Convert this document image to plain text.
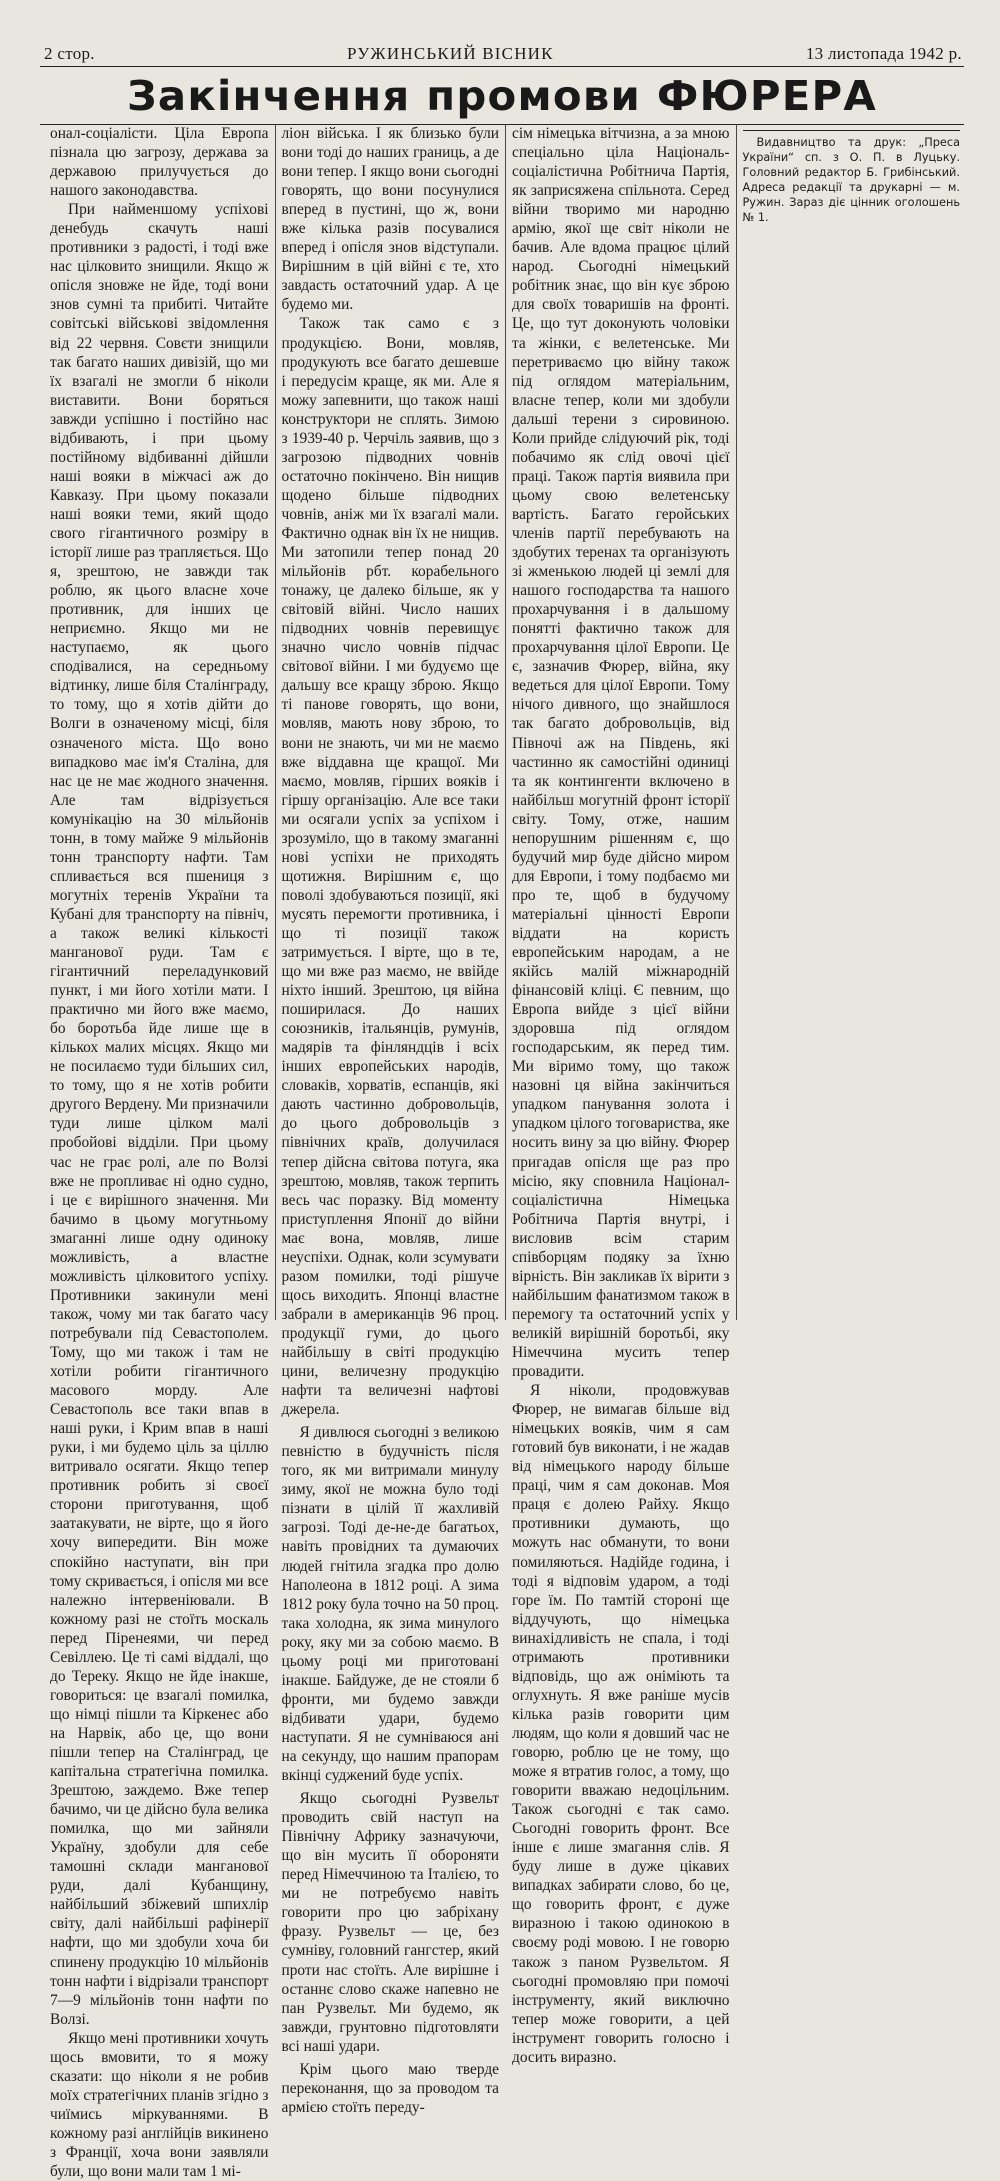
2 стор.	РУЖИНСЬКИЙ ВІСНИК	13 листопада 1942 р.
Закінчення промови ФЮРЕРА

онал-соціалісти. Ціла Европа пізнала цю загрозу, держава за державою прилучується до нашого законодавства.

При найменшому успіхові денебудь скачуть наші противники з радості, і тоді вже нас цілковито знищили. Якщо ж опісля зновже не йде, тоді вони знов сумні та прибиті. Читайте совітські військові звідомлення від 22 червня. Совєти знищили так багато наших дивізій, що ми їх взагалі не змогли б ніколи виставити. Вони боряться завжди успішно і постійно нас відбивають, і при цьому постійному відбиванні дійшли наші вояки в міжчасі аж до Кавказу. При цьому показали наші вояки теми, який щодо свого гігантичного розміру в історії лише раз трапляється. Що я, зрештою, не завжди так роблю, як цього власне хоче противник, для інших це неприємно. Якщо ми не наступаємо, як цього сподівалися, на середньому відтинку, лише біля Сталінграду, то тому, що я хотів дійти до Волги в означеному місці, біля означеного міста. Що воно випадково має ім'я Сталіна, для нас це не має жодного значення. Але там відрізується комунікацію на 30 мільйонів тонн, в тому майже 9 мільйонів тонн транспорту нафти. Там спливається вся пшениця з могутніх теренів України та Кубані для транспорту на північ, а також великі кількості манганової руди. Там є гігантичний переладунковий пункт, і ми його хотіли мати. І практично ми його вже маємо, бо боротьба йде лише ще в кількох малих місцях. Якщо ми не посилаємо туди більших сил, то тому, що я не хотів робити другого Вердену. Ми призначили туди лише цілком малі пробойові відділи. При цьому час не грає ролі, але по Волзі вже не пропливає ні одно судно, і це є вирішного значення. Ми бачимо в цьому могутньому змаганні лише одну одиноку можливість, а властне можливість цілковитого успіху. Противники закинули мені також, чому ми так багато часу потребували під Севастополем. Тому, що ми також і там не хотіли робити гігантичного масового морду. Але Севастополь все таки впав в наші руки, і Крим впав в наші руки, і ми будемо ціль за ціллю витривало осягати. Якщо тепер противник робить зі своєї сторони приготування, щоб заатакувати, не вірте, що я його хочу випередити. Він може спокійно наступати, він при тому скривається, і опісля ми все належно інтервеніювали. В кожному разі не стоїть москаль перед Піренеями, чи перед Севіллею. Це ті самі віддалі, що до Тереку. Якщо не йде інакше, говориться: це взагалі помилка, що німці пішли та Кіркенес або на Нарвік, або це, що вони пішли тепер на Сталінград, це капітальна стратегічна помилка. Зрештою, заждемо. Вже тепер бачимо, чи це дійсно була велика помилка, що ми зайняли Україну, здобули для себе тамошні склади манганової руди, далі Кубанщину, найбільший збіжевий шпихлір світу, далі найбільші рафінерії нафти, що ми здобули хоча би спинену продукцію 10 мільйонів тонн нафти і відрізали транспорт 7—9 мільйонів тонн нафти по Волзі.

Якщо мені противники хочуть щось вмовити, то я можу сказати: що ніколи я не робив моїх стратегічних планів згідно з чиїмись міркуваннями. В кожному разі англійців викинено з Франції, хоча вони заявляли були, що вони мали там 1 мі-

ліон війська. І як близько були вони тоді до наших границь, а де вони тепер. І якщо вони сьогодні говорять, що вони посунулися вперед в пустині, що ж, вони вже кілька разів посувалися вперед і опісля знов відступали. Вирішним в цій війні є те, хто завдасть остаточний удар. А це будемо ми.

Також так само є з продукцією. Вони, мовляв, продукують все багато дешевше і передусім краще, як ми. Але я можу запевнити, що також наші конструктори не сплять. Зимою з 1939-40 р. Черчіль заявив, що з загрозою підводних човнів остаточно покінчено. Він нищив щодено більше підводних човнів, аніж ми їх взагалі мали. Фактично однак він їх не нищив. Ми затопили тепер понад 20 мільйонів рбт. корабельного тонажу, це далеко більше, як у світовій війні. Число наших підводних човнів перевищує значно число човнів підчас світової війни. І ми будуємо ще дальшу все кращу зброю. Якщо ті панове говорять, що вони, мовляв, мають нову зброю, то вони не знають, чи ми не маємо вже віддавна ще кращої. Ми маємо, мовляв, гірших вояків і гіршу організацію. Але все таки ми осягали успіх за успіхом і зрозуміло, що в такому змаганні нові успіхи не приходять щотижня. Вирішним є, що поволі здобуваються позиції, які мусять перемогти противника, і що ті позиції також затримується. І вірте, що в те, що ми вже раз маємо, не ввійде ніхто інший. Зрештою, ця війна поширилася. До наших союзників, італьянців, румунів, мадярів та фінляндців і всіх інших европейських народів, словаків, хорватів, еспанців, які дають частинно добровольців, до цього добровольців з північних країв, долучилася тепер дійсна світова потуга, яка зрештою, мовляв, також терпить весь час поразку. Від моменту приступлення Японії до війни має вона, мовляв, лише неуспіхи. Однак, коли зсумувати разом помилки, тоді рішуче щось виходить. Японці властне забрали в американців 96 проц. продукції гуми, до цього найбільшу в світі продукцію цини, величезну продукцію нафти та величезні нафтові джерела.

Я дивлюся сьогодні з великою певністю в будучність після того, як ми витримали минулу зиму, якої не можна було тоді пізнати в цілій її жахливій загрозі. Тоді де-не-де багатьох, навіть провідних та думаючих людей гнітила згадка про долю Наполеона в 1812 році. А зима 1812 року була точно на 50 проц. така холодна, як зима минулого року, яку ми за собою маємо. В цьому році ми приготовані інакше. Байдуже, де не стояли б фронти, ми будемо завжди відбивати удари, будемо наступати. Я не сумніваюся ані на секунду, що нашим прапорам вкінці суджений буде успіх.

Якщо сьогодні Рузвельт проводить свій наступ на Північну Африку зазначуючи, що він мусить її обороняти перед Німеччиною та Італією, то ми не потребуємо навіть говорити про цю забріхану фразу. Рузвельт — це, без сумніву, головний гангстер, який проти нас стоїть. Але вирішне і останнє слово скаже напевно не пан Рузвельт. Ми будемо, як завжди, грунтовно підготовляти всі наші удари.

Крім цього маю тверде переконання, що за проводом та армією стоїть переду-

сім німецька вітчизна, а за мною спеціально ціла Національ-соціалістична Робітнича Партія, як заприсяжена спільнота. Серед війни творимо ми народню армію, якої ще світ ніколи не бачив. Але вдома працює цілий народ. Сьогодні німецький робітник знає, що він кує зброю для своїх товаришів на фронті. Це, що тут доконують чоловіки та жінки, є велетенське. Ми перетриваємо цю війну також під оглядом матеріальним, власне тепер, коли ми здобули дальші терени з сировиною. Коли прийде слідуючий рік, тоді побачимо як слід овочі цієї праці. Також партія виявила при цьому свою велетенську вартість. Багато геройських членів партії перебувають на здобутих теренах та організують зі жменькою людей ці землі для нашого господарства та нашого прохарчування і в дальшому понятті фактично також для прохарчування цілої Европи. Це є, зазначив Фюрер, війна, яку ведеться для цілої Европи. Тому нічого дивного, що знайшлося так багато добровольців, від Півночі аж на Південь, які частинно як самостійні одиниці та як контингенти включено в найбільш могутній фронт історії світу. Тому, отже, нашим непорушним рішенням є, що будучий мир буде дійсно миром для Европи, і тому подбаємо ми про те, щоб в будучому матеріальні цінності Европи віддати на користь европейським народам, а не якійсь малій міжнародній фінансовій кліці. Є певним, що Европа вийде з цієї війни здоровша під оглядом господарським, як перед тим. Ми віримо тому, що також назовні ця війна закінчиться упадком панування золота і упадком цілого тоговариства, яке носить вину за цю війну. Фюрер пригадав опісля ще раз про місію, яку сповнила Націонал-соціалістична Німецька Робітнича Партія внутрі, і висловив всім старим співборцям подяку за їхню вірність. Він закликав їх вірити з найбільшим фанатизмом також в перемогу та остаточний успіх у великій вирішній боротьбі, яку Німеччина мусить тепер провадити.

Я ніколи, продовжував Фюрер, не вимагав більше від німецьких вояків, чим я сам готовий був виконати, і не жадав від німецького народу більше праці, чим я сам доконав. Моя праця є долею Райху. Якщо противники думають, що можуть нас обманути, то вони помиляються. Надійде година, і тоді я відповім ударом, а тоді горе їм. По тамтій стороні ще віддучують, що німецька винахідливість не спала, і тоді отримають противники відповідь, що аж оніміють та оглухнуть. Я вже раніше мусів кілька разів говорити цим людям, що коли я довший час не говорю, роблю це не тому, що може я втратив голос, а тому, що говорити вважаю недоцільним. Також сьогодні є так само. Сьогодні говорить фронт. Все інше є лише змагання слів. Я буду лише в дуже цікавих випадках забирати слово, бо це, що говорить фронт, є дуже виразною і такою одинокою в своєму роді мовою. І не говорю також з паном Рузвельтом. Я сьогодні промовляю при помочі інструменту, який виключно тепер може говорити, а цей інструмент говорить голосно і досить виразно.

Видавництво та друк: „Преса України“ сп. з О. П. в Луцьку. Головний редактор Б. Грибінський. Адреса редакції та друкарні — м. Ружин. Зараз діє цінник оголошень № 1.
